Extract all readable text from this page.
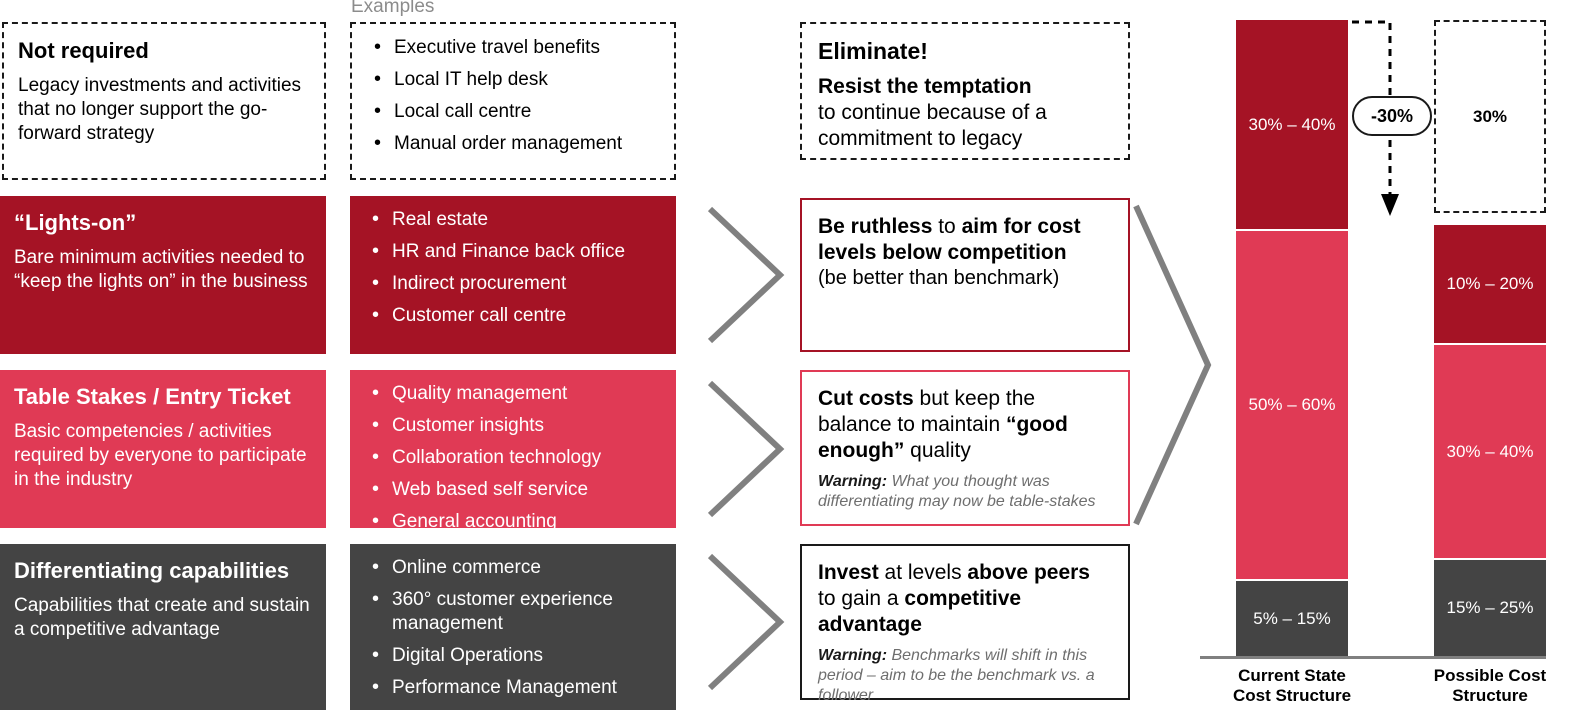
Examples
Not required
Legacy investments and activities that no longer support the go-forward strategy
• Executive travel benefits
• Local IT help desk
• Local call centre
• Manual order management
Eliminate!
Resist the temptation
to continue because of a commitment to legacy
“Lights-on”
Bare minimum activities needed to “keep the lights on” in the business
• Real estate
• HR and Finance back office
• Indirect procurement
• Customer call centre
Be ruthless to aim for cost levels below competition
(be better than benchmark)
Table Stakes / Entry Ticket
Basic competencies / activities required by everyone to participate in the industry
• Quality management
• Customer insights
• Collaboration technology
• Web based self service
• General accounting
Cut costs but keep the balance to maintain “good enough” quality
Warning: What you thought was differentiating may now be table-stakes
Differentiating capabilities
Capabilities that create and sustain a competitive advantage
• Online commerce
• 360° customer experience management
• Digital Operations
• Performance Management
Invest at levels above peers to gain a competitive advantage
Warning: Benchmarks will shift in this period – aim to be the benchmark vs. a follower
30% – 40%
50% – 60%
5% – 15%
30%
10% – 20%
30% – 40%
15% – 25%
-30%
Current State
Cost Structure
Possible Cost
Structure
